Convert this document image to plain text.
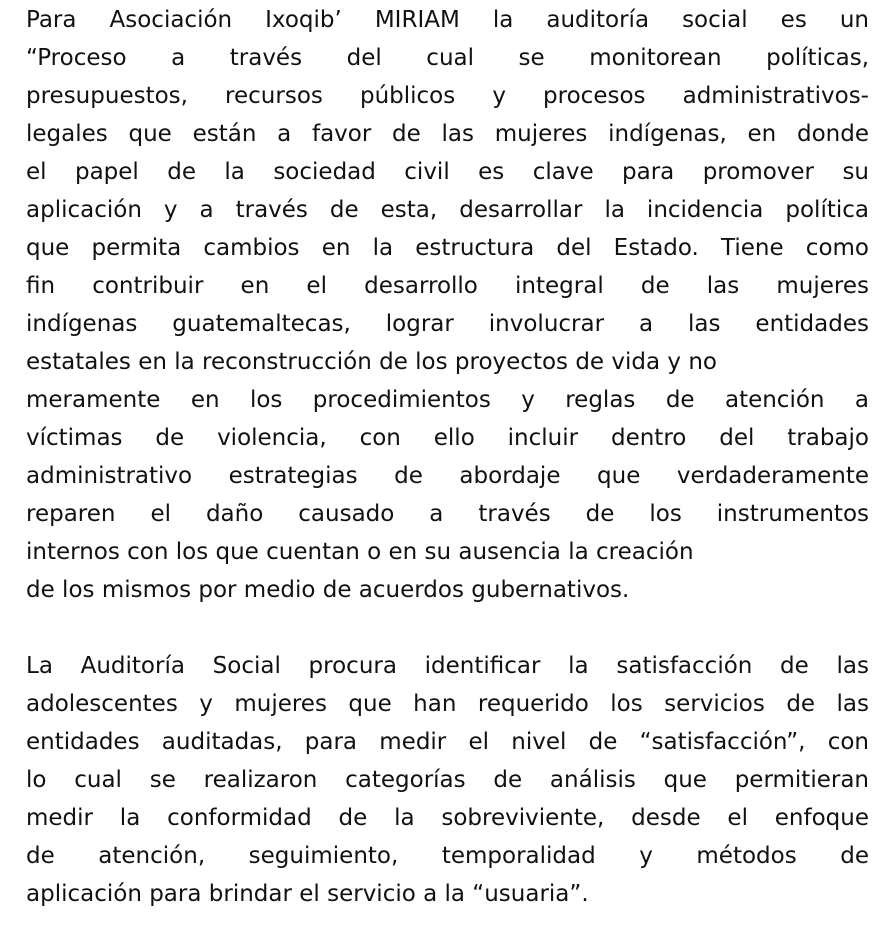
Para Asociación Ixoqib’ MIRIAM la auditoría social es un
“Proceso a través del cual se monitorean políticas,
presupuestos, recursos públicos y procesos administrativos-
legales que están a favor de las mujeres indígenas, en donde
el papel de la sociedad civil es clave para promover su
aplicación y a través de esta, desarrollar la incidencia política
que permita cambios en la estructura del Estado. Tiene como
fin contribuir en el desarrollo integral de las mujeres
indígenas guatemaltecas, lograr involucrar a las entidades
estatales en la reconstrucción de los proyectos de vida y no
meramente en los procedimientos y reglas de atención a
víctimas de violencia, con ello incluir dentro del trabajo
administrativo estrategias de abordaje que verdaderamente
reparen el daño causado a través de los instrumentos
internos con los que cuentan o en su ausencia la creación
de los mismos por medio de acuerdos gubernativos.
La Auditoría Social procura identificar la satisfacción de las
adolescentes y mujeres que han requerido los servicios de las
entidades auditadas, para medir el nivel de “satisfacción”, con
lo cual se realizaron categorías de análisis que permitieran
medir la conformidad de la sobreviviente, desde el enfoque
de atención, seguimiento, temporalidad y métodos de
aplicación para brindar el servicio a la “usuaria”.
